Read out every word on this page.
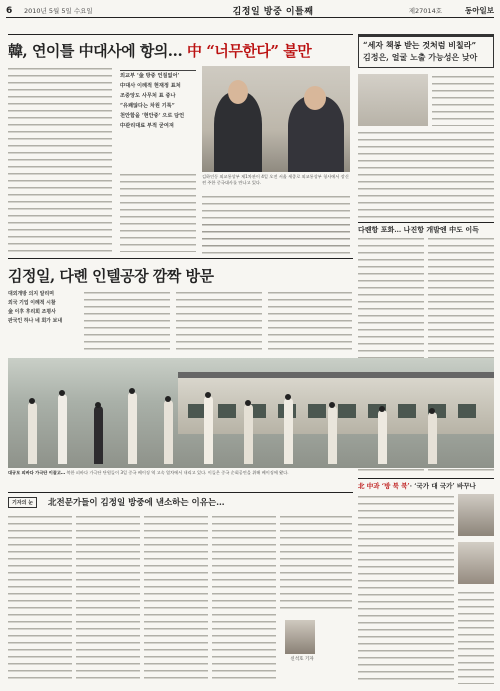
6	2010년 5월 5일 수요일	김정일 방중 이틀째	제27014호	동아일보
韓, 연이틀 中대사에 항의… 中 “너무한다” 불만

외교부 ‘金 방중 언질없어’

中대사 이례적 현재정 표처

조중앙도 사무처 표 중나

“유쾌않다는 차원 기록”

천안함을 ‘현안중’ 으로 담언

中관리대료 부적 굳여져

김하인동 외교통상부 제1차관이 4일 오전 서울 세종로 외교통상부 청사에서 장신썬 주한 중국대사를 만나고 있다.
“세자 책봉 받는 것처럼 비칠라”
김정은, 얼굴 노출 가능성은 낮아
다롄항 포화… 나진항 개발엔 中도 이득
김정일, 다롄 인텔공장 깜짝 방문
대외개방 의지 알리며
외국 기업 이례적 시찰
金 이후 후리회 조평사
판국인 하나 네 회가 보내
대규모 피바다 가극단 이끌고… 북한 피바다 가극단 단원들이 3일 중국 베이징 역 고속 열차에서 내리고 있다. 이들은 중국 순회공연을 위해 베이징에 왔다.
기자의 눈 北전문가들이 김정일 방중에 낸소하는 이유는…
신석호 기자
北 中과 ‘방 북 북’· ‘국가 대 국가’ 바꾸나
